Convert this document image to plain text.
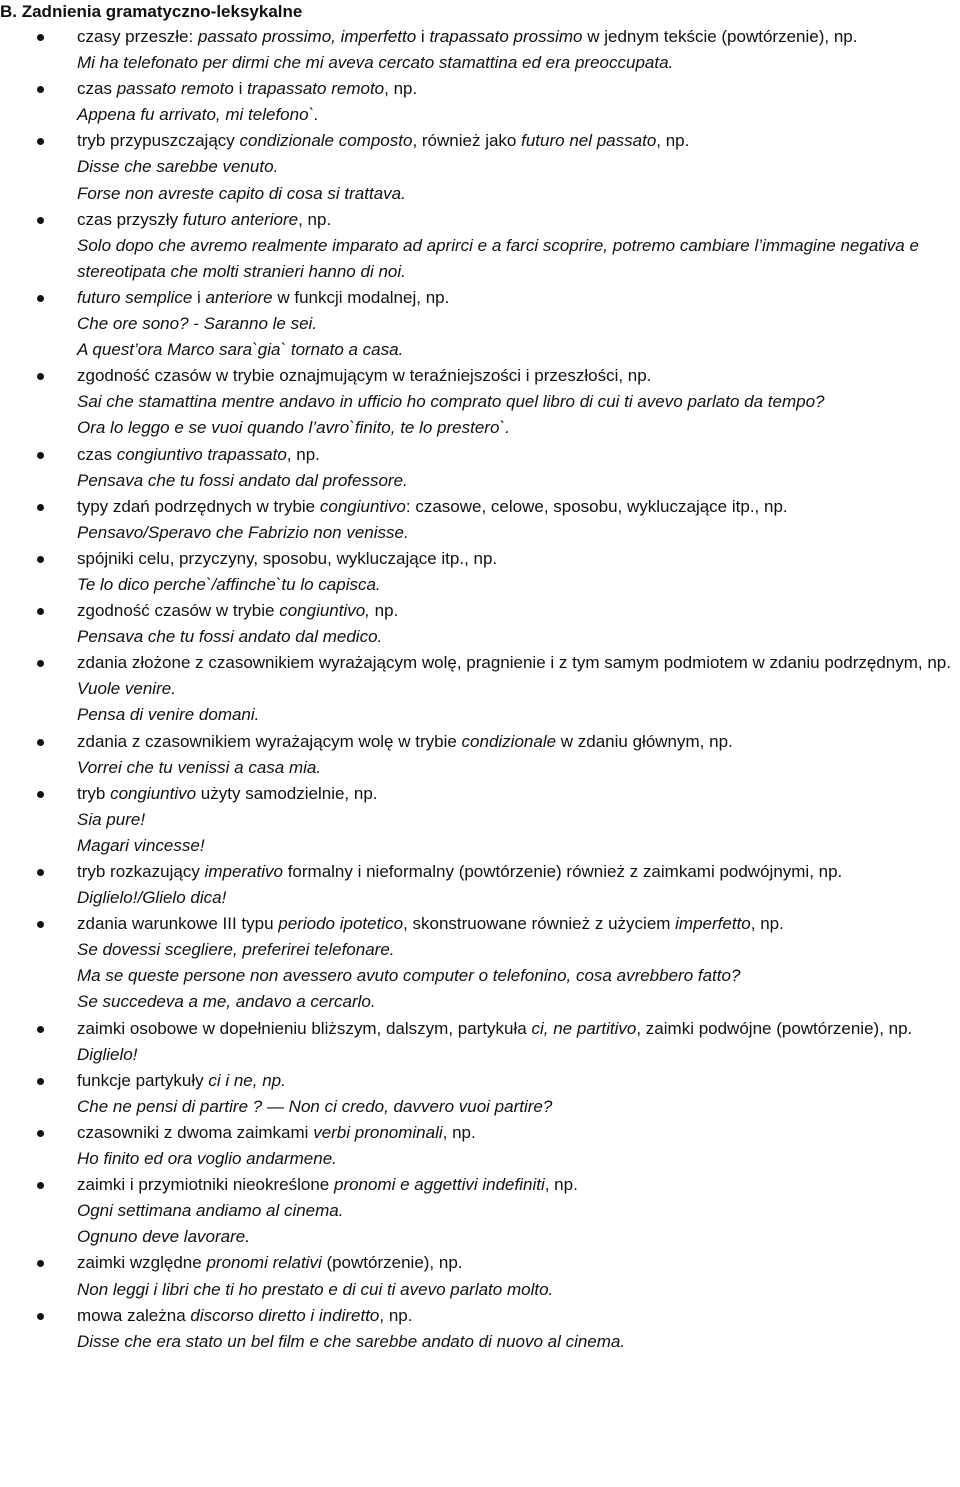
B. Zadnienia gramatyczno-leksykalne
czasy przeszłe: passato prossimo, imperfetto i trapassato prossimo w jednym tekście (powtórzenie), np.
Mi ha telefonato per dirmi che mi aveva cercato stamattina ed era preoccupata.
czas passato remoto i trapassato remoto, np.
Appena fu arrivato, mi telefono`.
tryb przypuszczający condizionale composto, również jako futuro nel passato, np.
Disse che sarebbe venuto.
Forse non avreste capito di cosa si trattava.
czas przyszły futuro anteriore, np.
Solo dopo che avremo realmente imparato ad aprirci e a farci scoprire, potremo cambiare l’immagine negativa e stereotipata che molti stranieri hanno di noi.
futuro semplice i anteriore w funkcji modalnej, np.
Che ore sono? - Saranno le sei.
A quest’ora Marco sara`gia` tornato a casa.
zgodność czasów w trybie oznajmującym w teraźniejszości i przeszłości, np.
Sai che stamattina mentre andavo in ufficio ho comprato quel libro di cui ti avevo parlato da tempo?
Ora lo leggo e se vuoi quando l’avro`finito, te lo prestero`.
czas congiuntivo trapassato, np.
Pensava che tu fossi andato dal professore.
typy zdań podrzędnych w trybie congiuntivo: czasowe, celowe, sposobu, wykluczające itp., np.
Pensavo/Speravo che Fabrizio non venisse.
spójniki celu, przyczyny, sposobu, wykluczające itp., np.
Te lo dico perche`/affinche`tu lo capisca.
zgodność czasów w trybie congiuntivo, np.
Pensava che tu fossi andato dal medico.
zdania złożone z czasownikiem wyrażającym wolę, pragnienie i z tym samym podmiotem w zdaniu podrzędnym, np.
Vuole venire.
Pensa di venire domani.
zdania z czasownikiem wyrażającym wolę w trybie condizionale w zdaniu głównym, np.
Vorrei che tu venissi a casa mia.
tryb congiuntivo użyty samodzielnie, np.
Sia pure!
Magari vincesse!
tryb rozkazujący imperativo formalny i nieformalny (powtórzenie) również z zaimkami podwójnymi, np.
Diglielo!/Glielo dica!
zdania warunkowe III typu periodo ipotetico, skonstruowane również z użyciem imperfetto, np.
Se dovessi scegliere, preferirei telefonare.
Ma se queste persone non avessero avuto computer o telefonino, cosa avrebbero fatto?
Se succedeva a me, andavo a cercarlo.
zaimki osobowe w dopełnieniu bliższym, dalszym, partykuła ci, ne partitivo, zaimki podwójne (powtórzenie), np.
Diglielo!
funkcje partykuły ci i ne, np.
Che ne pensi di partire ? — Non ci credo, davvero vuoi partire?
czasowniki z dwoma zaimkami verbi pronominali, np.
Ho finito ed ora voglio andarmene.
zaimki i przymiotniki nieokreślone pronomi e aggettivi indefiniti, np.
Ogni settimana andiamo al cinema.
Ognuno deve lavorare.
zaimki względne pronomi relativi (powtórzenie), np.
Non leggi i libri che ti ho prestato e di cui ti avevo parlato molto.
mowa zależna discorso diretto i indiretto, np.
Disse che era stato un bel film e che sarebbe andato di nuovo al cinema.
